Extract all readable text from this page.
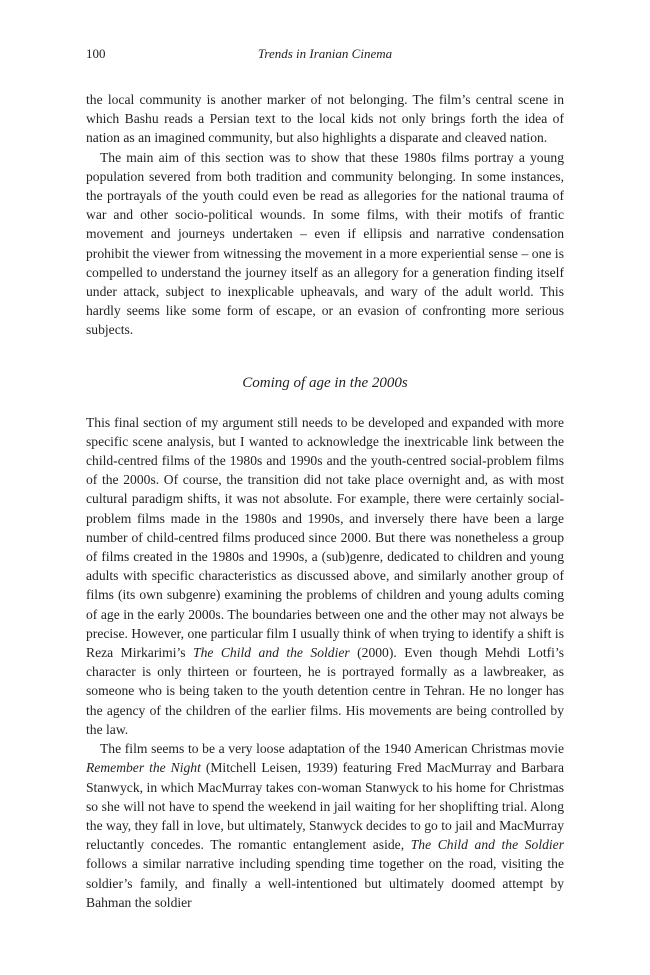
100	Trends in Iranian Cinema

the local community is another marker of not belonging. The film’s central scene in which Bashu reads a Persian text to the local kids not only brings forth the idea of nation as an imagined community, but also highlights a disparate and cleaved nation.

The main aim of this section was to show that these 1980s films portray a young population severed from both tradition and community belonging. In some instances, the portrayals of the youth could even be read as allegories for the national trauma of war and other socio-political wounds. In some films, with their motifs of frantic movement and journeys undertaken – even if ellipsis and narrative condensation prohibit the viewer from witnessing the movement in a more experiential sense – one is compelled to understand the journey itself as an allegory for a generation finding itself under attack, subject to inexplicable upheavals, and wary of the adult world. This hardly seems like some form of escape, or an evasion of confronting more serious subjects.

Coming of age in the 2000s

This final section of my argument still needs to be developed and expanded with more specific scene analysis, but I wanted to acknowledge the inextricable link between the child-centred films of the 1980s and 1990s and the youth-centred social-problem films of the 2000s. Of course, the transition did not take place overnight and, as with most cultural paradigm shifts, it was not absolute. For example, there were certainly social-problem films made in the 1980s and 1990s, and inversely there have been a large number of child-centred films produced since 2000. But there was nonetheless a group of films created in the 1980s and 1990s, a (sub)genre, dedicated to children and young adults with specific characteristics as discussed above, and similarly another group of films (its own subgenre) examining the problems of children and young adults coming of age in the early 2000s. The boundaries between one and the other may not always be precise. However, one particular film I usually think of when trying to identify a shift is Reza Mirkarimi’s The Child and the Soldier (2000). Even though Mehdi Lotfi’s character is only thirteen or fourteen, he is portrayed formally as a lawbreaker, as someone who is being taken to the youth detention centre in Tehran. He no longer has the agency of the children of the earlier films. His movements are being controlled by the law.

The film seems to be a very loose adaptation of the 1940 American Christmas movie Remember the Night (Mitchell Leisen, 1939) featuring Fred MacMurray and Barbara Stanwyck, in which MacMurray takes con-woman Stanwyck to his home for Christmas so she will not have to spend the weekend in jail waiting for her shoplifting trial. Along the way, they fall in love, but ultimately, Stanwyck decides to go to jail and MacMurray reluctantly concedes. The romantic entanglement aside, The Child and the Soldier follows a similar narrative including spending time together on the road, visiting the soldier’s family, and finally a well-intentioned but ultimately doomed attempt by Bahman the soldier
